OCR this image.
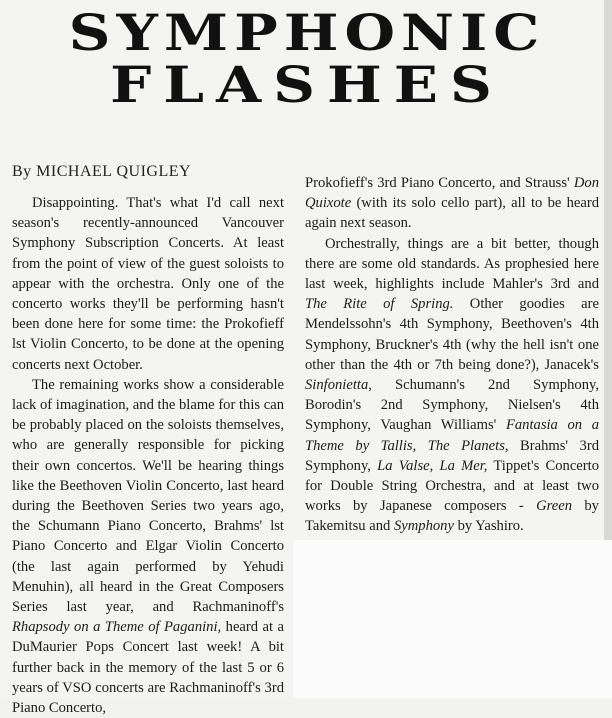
SYMPHONIC
FLASHES
By MICHAEL QUIGLEY

Disappointing. That's what I'd call next season's recently-announced Vancouver Symphony Subscription Concerts. At least from the point of view of the guest soloists to appear with the orchestra. Only one of the concerto works they'll be performing hasn't been done here for some time: the Prokofieff lst Violin Concerto, to be done at the opening concerts next October.

The remaining works show a considerable lack of imagination, and the blame for this can be probably placed on the soloists themselves, who are generally responsible for picking their own concertos. We'll be hearing things like the Beethoven Violin Concerto, last heard during the Beethoven Series two years ago, the Schumann Piano Concerto, Brahms' lst Piano Concerto and Elgar Violin Concerto (the last again performed by Yehudi Menuhin), all heard in the Great Composers Series last year, and Rachmaninoff's Rhapsody on a Theme of Paganini, heard at a DuMaurier Pops Concert last week! A bit further back in the memory of the last 5 or 6 years of VSO concerts are Rachmaninoff's 3rd Piano Concerto,

Prokofieff's 3rd Piano Concerto, and Strauss' Don Quixote (with its solo cello part), all to be heard again next season.

Orchestrally, things are a bit better, though there are some old standards. As prophesied here last week, highlights include Mahler's 3rd and The Rite of Spring. Other goodies are Mendelssohn's 4th Symphony, Beethoven's 4th Symphony, Bruckner's 4th (why the hell isn't one other than the 4th or 7th being done?), Janacek's Sinfonietta, Schumann's 2nd Symphony, Borodin's 2nd Symphony, Nielsen's 4th Symphony, Vaughan Williams' Fantasia on a Theme by Tallis, The Planets, Brahms' 3rd Symphony, La Valse, La Mer, Tippet's Concerto for Double String Orchestra, and at least two works by Japanese composers - Green by Takemitsu and Symphony by Yashiro.
